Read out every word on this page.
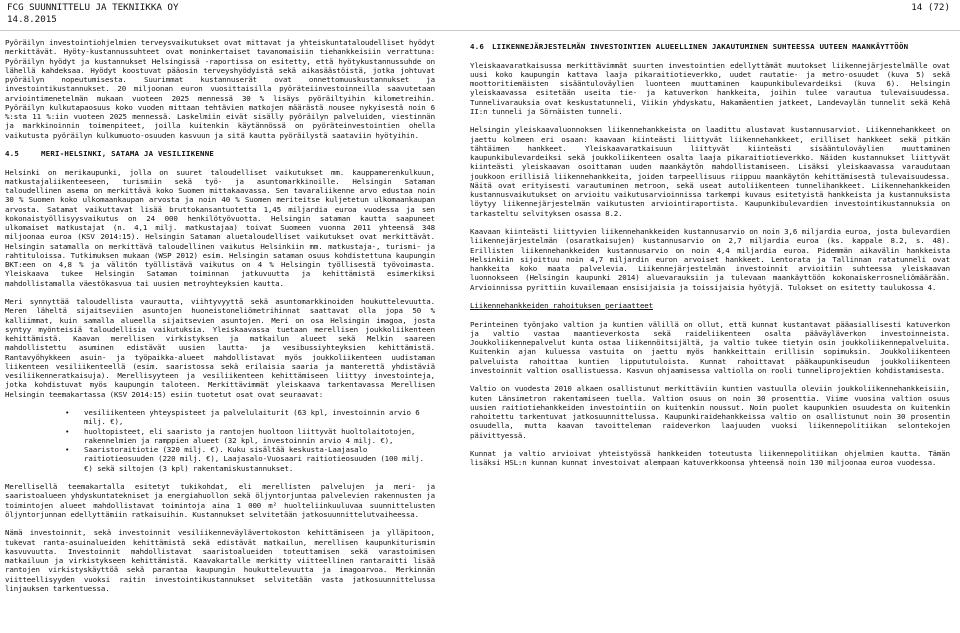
FCG SUUNNITTELU JA TEKNIIKKA OY
14.8.2015
14 (72)

Pyöräilyn investointiohjelmien terveysvaikutukset ovat mittavat ja yhteiskuntataloudelliset hyödyt merkittävät. Hyöty-kustannussuhteet ovat moninkertaiset tavanomaisiin tiehankkeisiin verrattuna: Pyöräilyn hyödyt ja kustannukset Helsingissä -raportissa on esitetty, että hyötykustannussuhde on lähellä kahdeksaa. Hyödyt koostuvat pääosin terveyshyödyistä sekä aikasäästöistä, jotka johtuvat pyöräilyn nopeutumisesta. Suurimmat kustannuserät ovat onnettomuuskustannukset ja investointikustannukset. 20 miljoonan euron vuosittaisilla pyöräteiinvestoinneilla saavutetaan arviointimenetelmän mukaan vuoteen 2025 mennessä 30 % lisäys pyöräiltyihin kilometreihin. Pyöräilyn kulkutapaosuus koko vuoden mittaan tehtävien matkojen määrästä nousee nykyisestä noin 6 %:sta 11 %:iin vuoteen 2025 mennessä. Laskelmiin eivät sisälly pyöräilyn palveluiden, viestinnän ja markkinoinnin toimenpiteet, joilla kuitenkin käytännössä on pyöräteinvestointien ohella vaikutusta pyöräilyn kulkumuoto-osuuden kasvuun ja sitä kautta pyöräilystä saataviin hyötyihin.

4.5	MERI-HELSINKI, SATAMA JA VESILIIKENNE

Helsinki on merikaupunki, jolla on suuret taloudelliset vaikutukset mm. kauppamerenkulkuun, matkustajaliikenteeseen, turismiin sekä työ- ja asuntomarkkinoille. Helsingin Sataman taloudellinen asema on merkittävä koko Suomen mittakaavassa. Sen tavaraliikenne arvo edustaa noin 30 % Suomen koko ulkomaankaupan arvosta ja noin 40 % Suomen meriteitse kuljetetun ulkomaankaupan arvosta. Satamat vaikuttavat lisää bruttokansantuotetta 1,45 miljardia euroa vuodessa ja sen kokonaistyöllisyysvaikutus on 24 000 henkilötyövuotta. Helsingin sataman kautta saapuneet ulkomaiset matkustajat (n. 4,1 milj. matkustajaa) toivat Suomeen vuonna 2011 yhteensä 348 miljoonaa euroa (KSV 2014:15). Helsingin Sataman aluetaloudelliset vaikutukset ovat merkittävät. Helsingin satamalla on merkittävä taloudellinen vaikutus Helsinkiin mm. matkustaja-, turismi- ja rahtituloissa. Tutkimuksen mukaan (WSP 2012) esim. Helsingin sataman osuus kohdistettuna kaupungin BKT:een on 4,8 % ja välitön työllistävä vaikutus on 4 % Helsingin työllisestä työvoimasta. Yleiskaava tukee Helsingin Sataman toiminnan jatkuvuutta ja kehittämistä esimerkiksi mahdollistamalla väestökasvua tai uusien metroyhteyksien kautta.

Meri synnyttää taloudellista vaurautta, viihtyvyyttä sekä asuntomarkkinoiden houkuttelevuutta. Meren läheltä sijaitseviien asuntojen huoneistoneliömetrihinnat saattavat olla jopa 50 % kalliimmat, kuin samalla alueella sijaitsevien asuntojen. Meri on osa Helsingin imagoa, josta syntyy myönteisiä taloudellisia vaikutuksia. Yleiskaavassa tuetaan merellisen joukkoliikenteen kehittämistä. Kaavan merellisen virkistyksen ja matkailun alueet sekä Melkin saareen mahdollistettu asuminen edistävät uusien lautta- ja vesibussiyhteyksien kehittämistä. Rantavyöhykkeen asuin- ja työpaikka-alueet mahdollistavat myös joukkoliikenteen uudistaman liikenteen vesiliikenteellä (esim. saaristossa sekä erilaisia saaria ja manterettä yhdistäviä vesiliikenneratkaisuja). Merellisyyteen ja vesiliikenteen kehittämiseen liittyy investointeja, jotka kohdistuvat myös kaupungin taloteen. Merkittävimmät yleiskaava tarkentavassa Merellisen Helsingin teemakartassa (KSV 2014:15) esiin tuotetut osat ovat seuraavat:

• vesiliikenteen yhteyspisteet ja palvelulaiturit (63 kpl, investoinnin arvio 6 milj. €),
• huoltopisteet, eli saaristo ja rantojen huoltoon liittyvät huoltolaitotojen, rakennelmien ja ramppien alueet (32 kpl, investoinnin arvio 4 milj. €),
• Saaristoraitiotie (320 milj. €). Kuku sisältää keskusta-Laajasalo raitiotieosuuden (220 milj. €), Laajasalo-Vuosaari raitiotieosuuden (100 milj. €) sekä siltojen (3 kpl) rakentamiskustannukset.

Merellisellä teemakartalla esitetyt tukikohdat, eli merellisten palvelujen ja meri- ja saaristoalueen yhdyskuntatekniset ja energiahuollon sekä öljyntorjuntaa palvelevien rakennusten ja toimintojen alueet mahdollistavat toimintoja aina 1 000 m² huolteliinkuuluvaa suunnittelusten öljyntorjunnan edellyttämiin ratkaisuihin. Kustannukset selvitetään jatkosuunnittelutvaiheessa.

Nämä investoinnit, sekä investoinnit vesiliikenneväylävertokoston kehittämiseen ja ylläpitoon, tukevat ranta-asuinalueiden kehittämistä sekä edistävät matkailun, merellisen kaupunkiturismin kasvuvuutta. Investoinnit mahdollistavat saaristoalueiden toteuttamisen sekä varastoimisen matkailuun ja virkistykseen kehittämistä. Kaavakartalle merkitty viitteellinen rantaraitti lisää rantojen virkistyskäyttöä sekä parantaa kaupungin houkuttelevuutta ja imagoarvoa. Merkinnän viitteellisyyden vuoksi raitin investointikustannukset selvitetään vasta jatkosuunnittelussa linjauksen tarkentuessa.

4.6	LIIKENNEJÄRJESTELMÄN INVESTOINTIEN ALUEELLINEN JAKAUTUMINEN SUHTEESSA UUTEEN MAANKÄYTTÖÖN

Yleiskaavaratkaisussa merkittävimmät suurten investointien edellyttämät muutokset liikennejärjestelmälle ovat uusi koko kaupungin kattava laaja pikaraitiotieverkko, uudet rautatie- ja metro-osuudet (kuva 5) sekä moottoritiemäisten sisääntuloväylien luonteen muuttaminen kaupunkibulevardeiksi (kuva 6). Helsingin yleiskaavassa esitetään useita tie- ja katuverkon hankkeita, joihin tulee varautua tulevaisuudessa. Tunnelivarauksia ovat keskustatunneli, Viikin yhdyskatu, Hakamäentien jatkeet, Landevaylän tunnelit sekä Kehä II:n tunneli ja Sörnäisten tunneli.

Helsingin yleiskaavaluonnoksen liikennehankkeista on laadittu alustavat kustannusarviot. Liikennehankkeet on jaettu kolmeen eri osaan: kaavaan kiinteästi liittyvät liikennehankkeet, erilliset hankkeet sekä pitkän tähtäimen hankkeet. Yleiskaavaratkaisuun liittyvät kiinteästi sisääntuloväylien muuttaminen kaupunkibulevardeiksi sekä joukkoliikenteen osalta laaja pikaraitiotieverkko. Näiden kustannukset liittyvät kiinteästi yleiskaavan osoittaman uuden maankäytön mahdollistamiseen. Lisäksi yleiskaavassa varaudutaan joukkoon erillisiä liikennehankkeita, joiden tarpeellisuus riippuu maankäytön kehittämisestä tulevaisuudessa. Näitä ovat erityisesti varautuminen metroon, sekä useat autoliikenteen tunnelihankkeet. Liikennehankkeiden kustannusvaikutukset on arvioitu vaikutusarvioinnissa tarkempi kuvaus esitetyistä hankkeista ja kustannuksista löytyy liikennejärjestelmän vaikutusten arviointiraportista. Kaupunkibulevardien investointikustannuksia on tarkasteltu selvityksen osassa 8.2.

Kaavaan kiinteästi liittyvien liikennehankkeiden kustannusarvio on noin 3,6 miljardia euroa, josta bulevardien liikennejärjestelmän (osaratkaisujen) kustannusarvio on 2,7 miljardia euroa (ks. kappale 8.2, s. 48). Erillisten liikennehankkeiden kustannusarvio on noin 4,4 miljardia euroa. Pidemmän aikavälin hankkeista Helsinkiin sijoittuu noin 4,7 miljardin euron arvoiset hankkeet. Lentorata ja Tallinnan ratatunneli ovat hankkeita koko maata palvelevia. Liikennejärjestelmän investoinnit arvioitiin suhteessa yleiskaavan luonnokseen (Helsingin kaupunki 2014) aluevarauksiin ja tulevaan maankäyttöön kokonaiskerrosneliömäärään. Arvioinnissa pyrittiin kuvailemaan ensisijaisia ja toissijaisia hyötyjä. Tulokset on esitetty taulukossa 4.

Liikennehankkeiden rahoituksen periaatteet

Perinteinen työnjako valtion ja kuntien välillä on ollut, että kunnat kustantavat pääasiallisesti katuverkon ja valtio vastaa maantieverkosta sekä raideliikenteen osalta pääväyläverkon investoinneista. Joukkoliikennepalvelut kunta ostaa liikennöitsijältä, ja valtio tukee tietyin osin joukkoliikennepalveluita. Kuitenkin ajan kuluessa vastuita on jaettu myös hankkeittain erillisin sopimuksin. Joukkoliikenteen palveluista rahoittaa kuntien lippututuloista. Kunnat rahoittavat pääkaupunkiseudun joukkoliikenteen investoinnit valtion osallistuessa. Kasvun ohjaamisessa valtiolla on rooli tunneliprojektien kohdistamisesta.

Valtio on vuodesta 2010 alkaen osallistunut merkittäviin kuntien vastuulla oleviin joukkoliikennehankkeisiin, kuten Länsimetron rakentamiseen tuella. Valtion osuus on noin 30 prosenttia. Viime vuosina valtion osuus uusien raitiotiehankkeiden investointiin on kuitenkin noussut. Noin puolet kaupunkien osuudesta on kuitenkin rahoitettu tarkentuvat jatkosuunnittelussa. Kaupunkiraidehankkeissa valtio on osallistunut noin 30 prosentin osuudella, mutta kaavan tavoitteleman raideverkon laajuuden vuoksi liikennepolitiikan selontekojen päivittyessä.

Kunnat ja valtio arvioivat yhteistyössä hankkeiden toteutusta liikennepolitiikan ohjelmien kautta. Tämän lisäksi HSL:n kunnan kunnat investoivat alempaan katuverkkoonsa yhteensä noin 130 miljoonaa euroa vuodessa.
